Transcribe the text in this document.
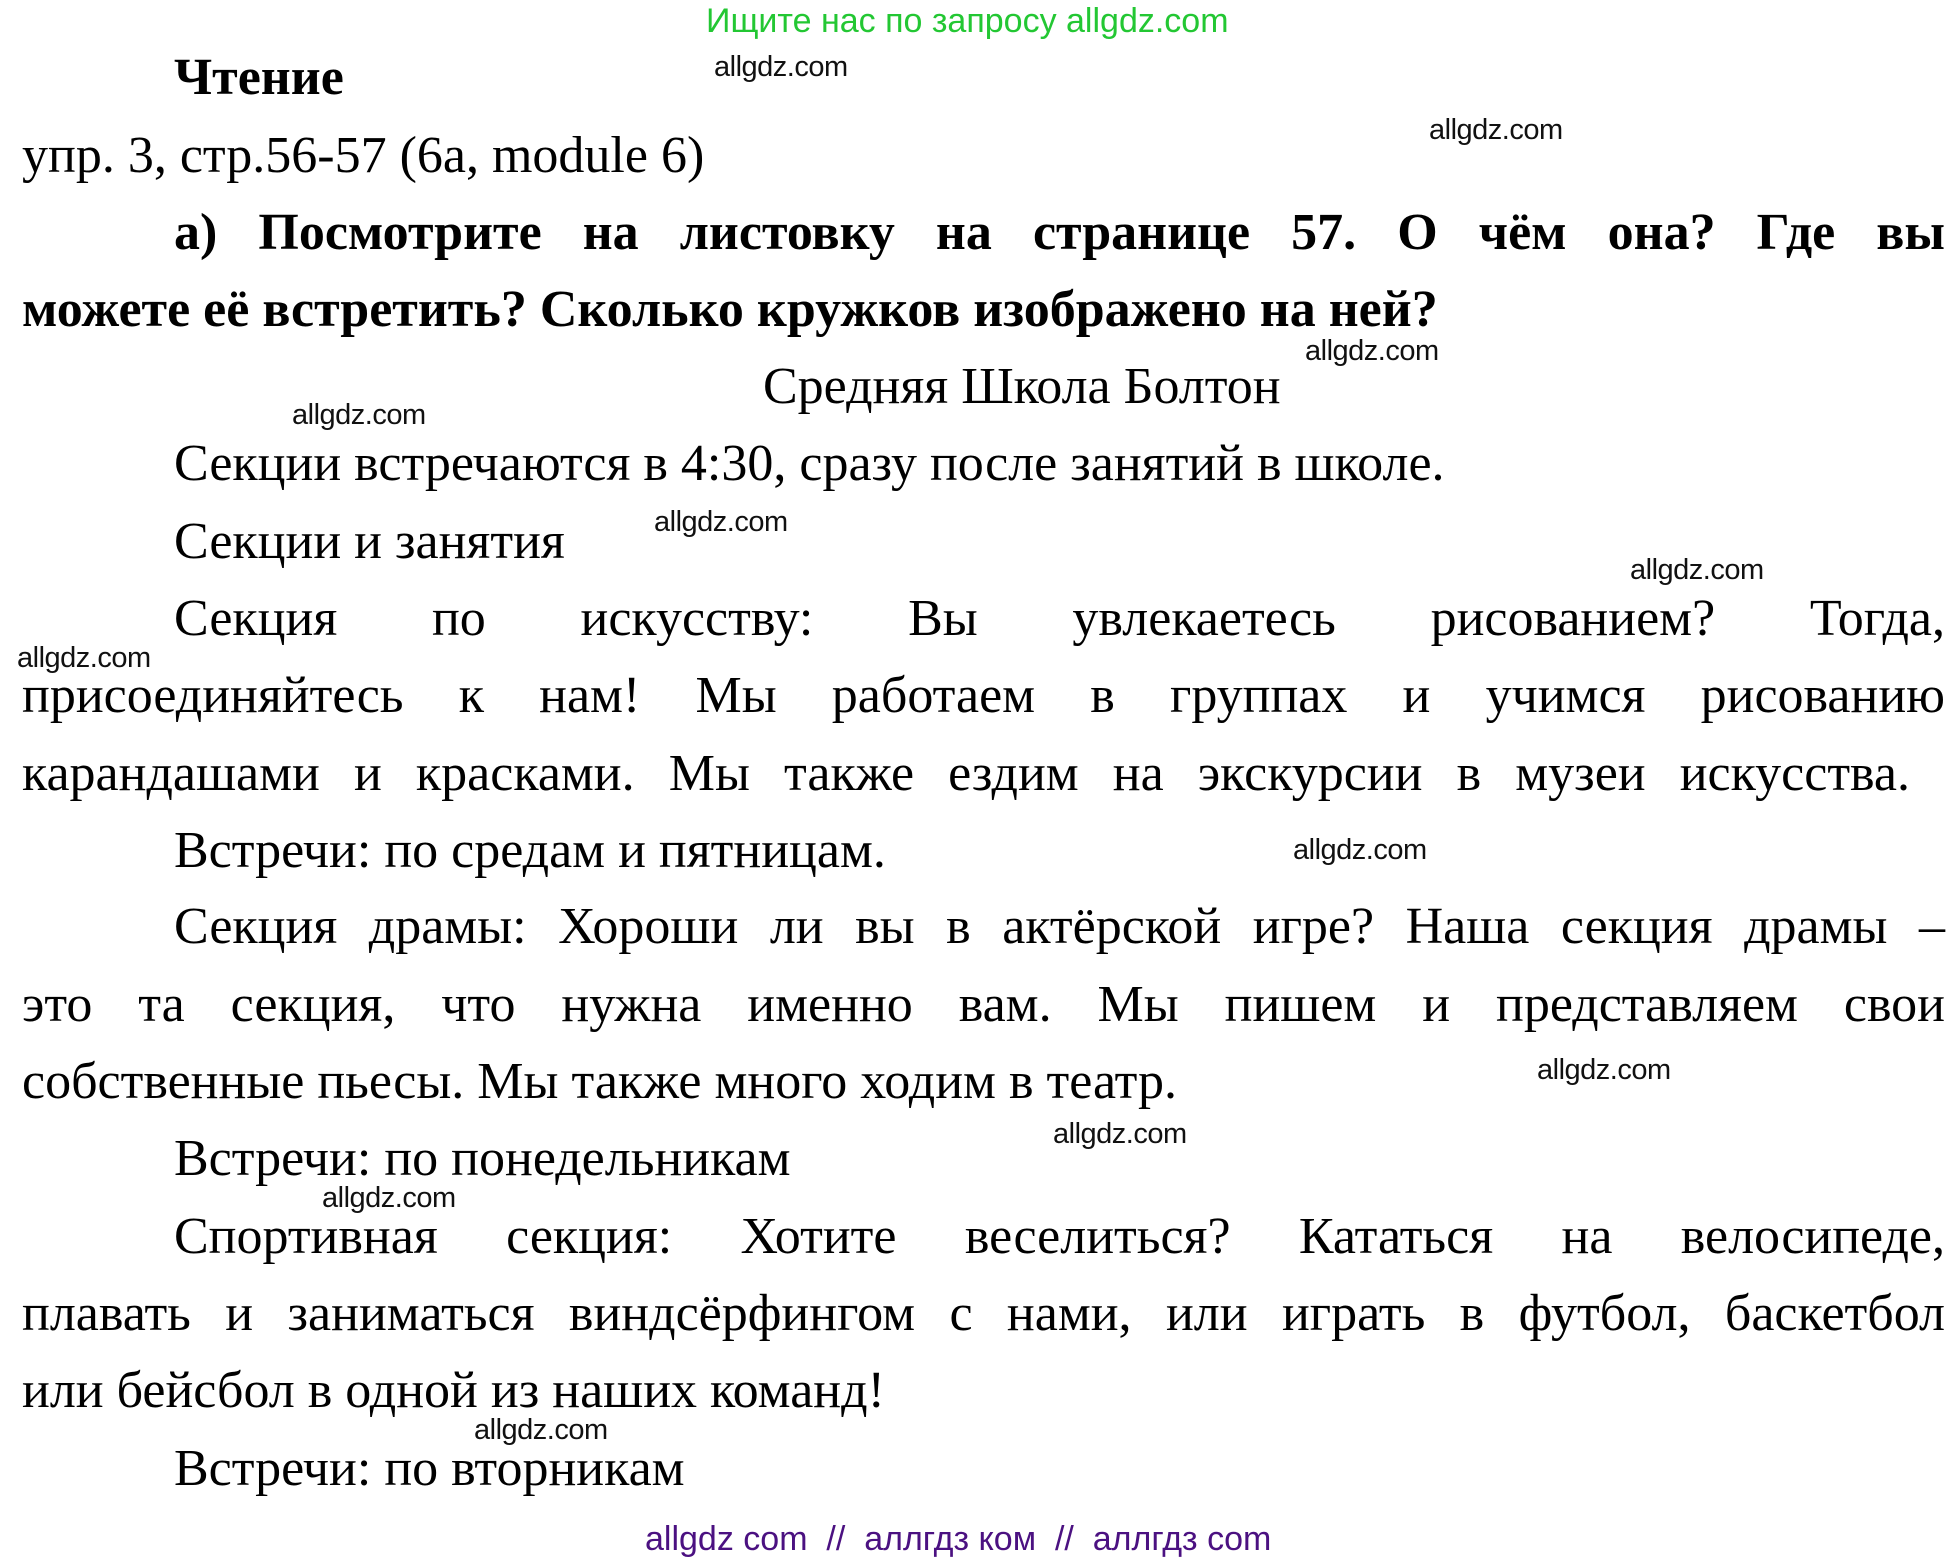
Ищите нас по запросу allgdz.com
Чтение
упр. 3, стр.56-57 (6a, module 6)
а) Посмотрите на листовку на странице 57. О чём она? Где вы
можете её встретить? Сколько кружков изображено на ней?
Средняя Школа Болтон
Секции встречаются в 4:30, сразу после занятий в школе.
Секции и занятия
Секция по искусству: Вы увлекаетесь рисованием? Тогда,
присоединяйтесь к нам! Мы работаем в группах и учимся рисованию
карандашами и красками. Мы также ездим на экскурсии в музеи искусства.
Встречи: по средам и пятницам.
Секция драмы: Хороши ли вы в актёрской игре? Наша секция драмы –
это та секция, что нужна именно вам. Мы пишем и представляем свои
собственные пьесы. Мы также много ходим в театр.
Встречи: по понедельникам
Спортивная секция: Хотите веселиться? Кататься на велосипеде,
плавать и заниматься виндсёрфингом с нами, или играть в футбол, баскетбол
или бейсбол в одной из наших команд!
Встречи: по вторникам
allgdz.com
allgdz.com
allgdz.com
allgdz.com
allgdz.com
allgdz.com
allgdz.com
allgdz.com
allgdz.com
allgdz.com
allgdz.com
allgdz.com
allgdz com  //  аллгдз ком  //  аллгдз com
